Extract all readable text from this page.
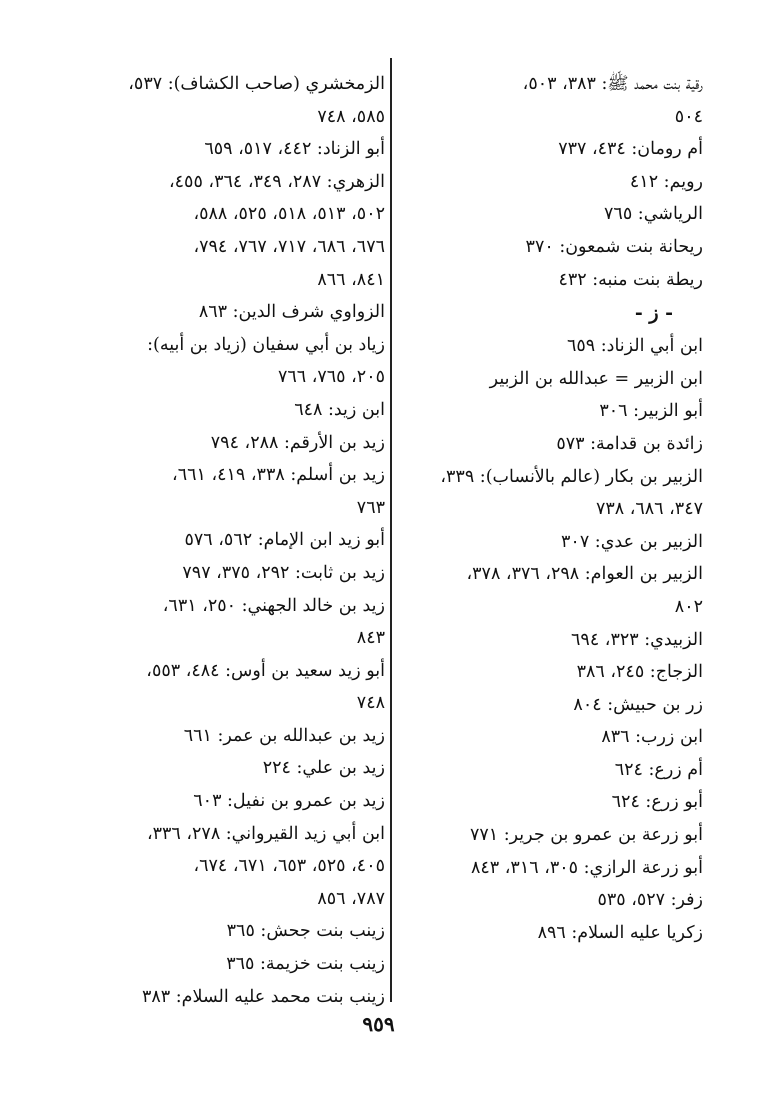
رقية بنت محمد ﷺ: ٣٨٣، ٥٠٣،
٥٠٤
أم رومان: ٤٣٤، ٧٣٧
رويم: ٤١٢
الرياشي: ٧٦٥
ريحانة بنت شمعون: ٣٧٠
ريطة بنت منبه: ٤٣٢
- ز -
ابن أبي الزناد: ٦٥٩
ابن الزبير = عبدالله بن الزبير
أبو الزبير: ٣٠٦
زائدة بن قدامة: ٥٧٣
الزبير بن بكار (عالم بالأنساب): ٣٣٩،
٣٤٧، ٦٨٦، ٧٣٨
الزبير بن عدي: ٣٠٧
الزبير بن العوام: ٢٩٨، ٣٧٦، ٣٧٨،
٨٠٢
الزبيدي: ٣٢٣، ٦٩٤
الزجاج: ٢٤٥، ٣٨٦
زر بن حبيش: ٨٠٤
ابن زرب: ٨٣٦
أم زرع: ٦٢٤
أبو زرع: ٦٢٤
أبو زرعة بن عمرو بن جرير: ٧٧١
أبو زرعة الرازي: ٣٠٥، ٣١٦، ٨٤٣
زفر: ٥٢٧، ٥٣٥
زكريا عليه السلام: ٨٩٦
الزمخشري (صاحب الكشاف): ٥٣٧،
٥٨٥، ٧٤٨
أبو الزناد: ٤٤٢، ٥١٧، ٦٥٩
الزهري: ٢٨٧، ٣٤٩، ٣٦٤، ٤٥٥،
٥٠٢، ٥١٣، ٥١٨، ٥٢٥، ٥٨٨،
٦٧٦، ٦٨٦، ٧١٧، ٧٦٧، ٧٩٤،
٨٤١، ٨٦٦
الزواوي شرف الدين: ٨٦٣
زياد بن أبي سفيان (زياد بن أبيه):
٢٠٥، ٧٦٥، ٧٦٦
ابن زيد: ٦٤٨
زيد بن الأرقم: ٢٨٨، ٧٩٤
زيد بن أسلم: ٣٣٨، ٤١٩، ٦٦١،
٧٦٣
أبو زيد ابن الإمام: ٥٦٢، ٥٧٦
زيد بن ثابت: ٢٩٢، ٣٧٥، ٧٩٧
زيد بن خالد الجهني: ٢٥٠، ٦٣١،
٨٤٣
أبو زيد سعيد بن أوس: ٤٨٤، ٥٥٣،
٧٤٨
زيد بن عبدالله بن عمر: ٦٦١
زيد بن علي: ٢٢٤
زيد بن عمرو بن نفيل: ٦٠٣
ابن أبي زيد القيرواني: ٢٧٨، ٣٣٦،
٤٠٥، ٥٢٥، ٦٥٣، ٦٧١، ٦٧٤،
٧٨٧، ٨٥٦
زينب بنت جحش: ٣٦٥
زينب بنت خزيمة: ٣٦٥
زينب بنت محمد عليه السلام: ٣٨٣
٩٥٩
